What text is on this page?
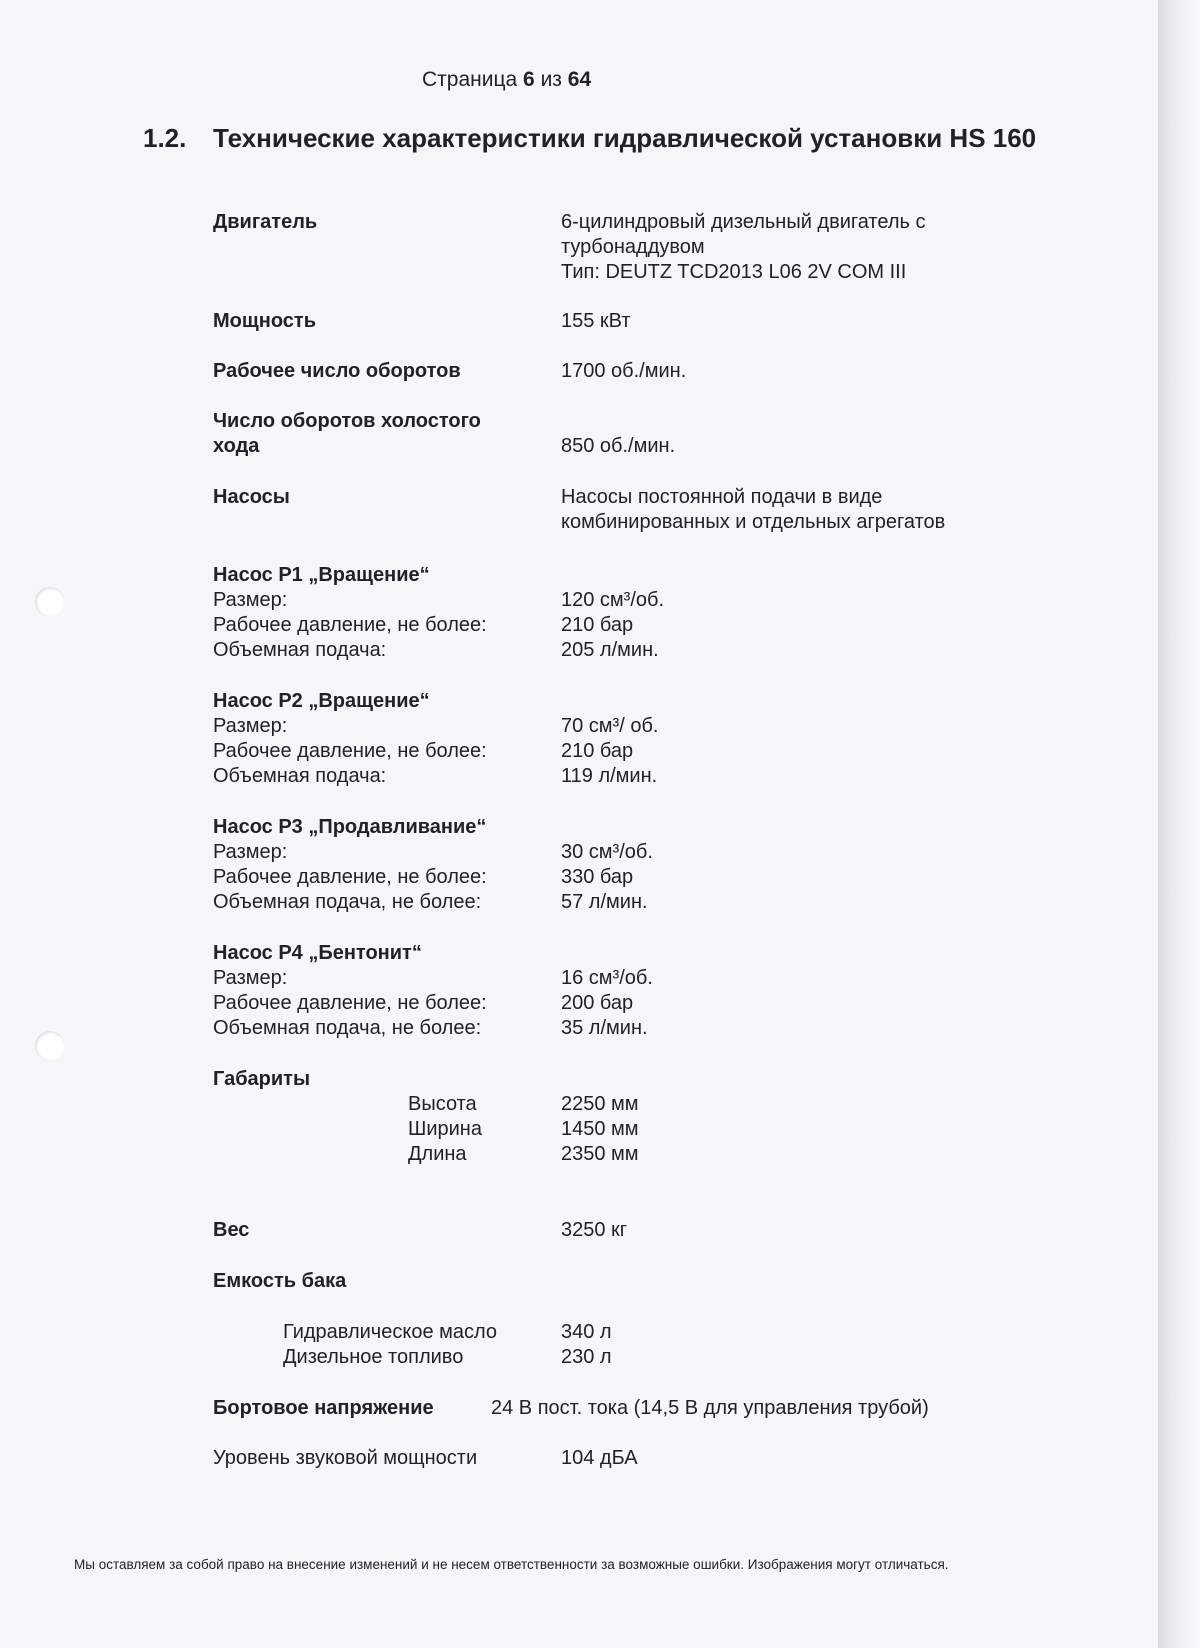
Страница 6 из 64
1.2. Технические характеристики гидравлической установки HS 160
Двигатель	6-цилиндровый дизельный двигатель с
турбонаддувом
Тип: DEUTZ TCD2013 L06 2V COM III
Мощность	155 кВт
Рабочее число оборотов	1700 об./мин.
Число оборотов холостого
хода	850 об./мин.
Насосы	Насосы постоянной подачи в виде
комбинированных и отдельных агрегатов
Насос P1 „Вращение“
Размер:	120 см³/об.
Рабочее давление, не более:	210 бар
Объемная подача:	205 л/мин.
Насос P2 „Вращение“
Размер:	70 см³/ об.
Рабочее давление, не более:	210 бар
Объемная подача:	119 л/мин.
Насос P3 „Продавливание“
Размер:	30 см³/об.
Рабочее давление, не более:	330 бар
Объемная подача, не более:	57 л/мин.
Насос P4 „Бентонит“
Размер:	16 см³/об.
Рабочее давление, не более:	200 бар
Объемная подача, не более:	35 л/мин.
Габариты
Высота	2250 мм
Ширина	1450 мм
Длина	2350 мм
Вес	3250 кг
Емкость бака
Гидравлическое масло	340 л
Дизельное топливо	230 л
Бортовое напряжение	24 В пост. тока (14,5 В для управления трубой)
Уровень звуковой мощности	104 дБА
Мы оставляем за собой право на внесение изменений и не несем ответственности за возможные ошибки. Изображения могут отличаться.
